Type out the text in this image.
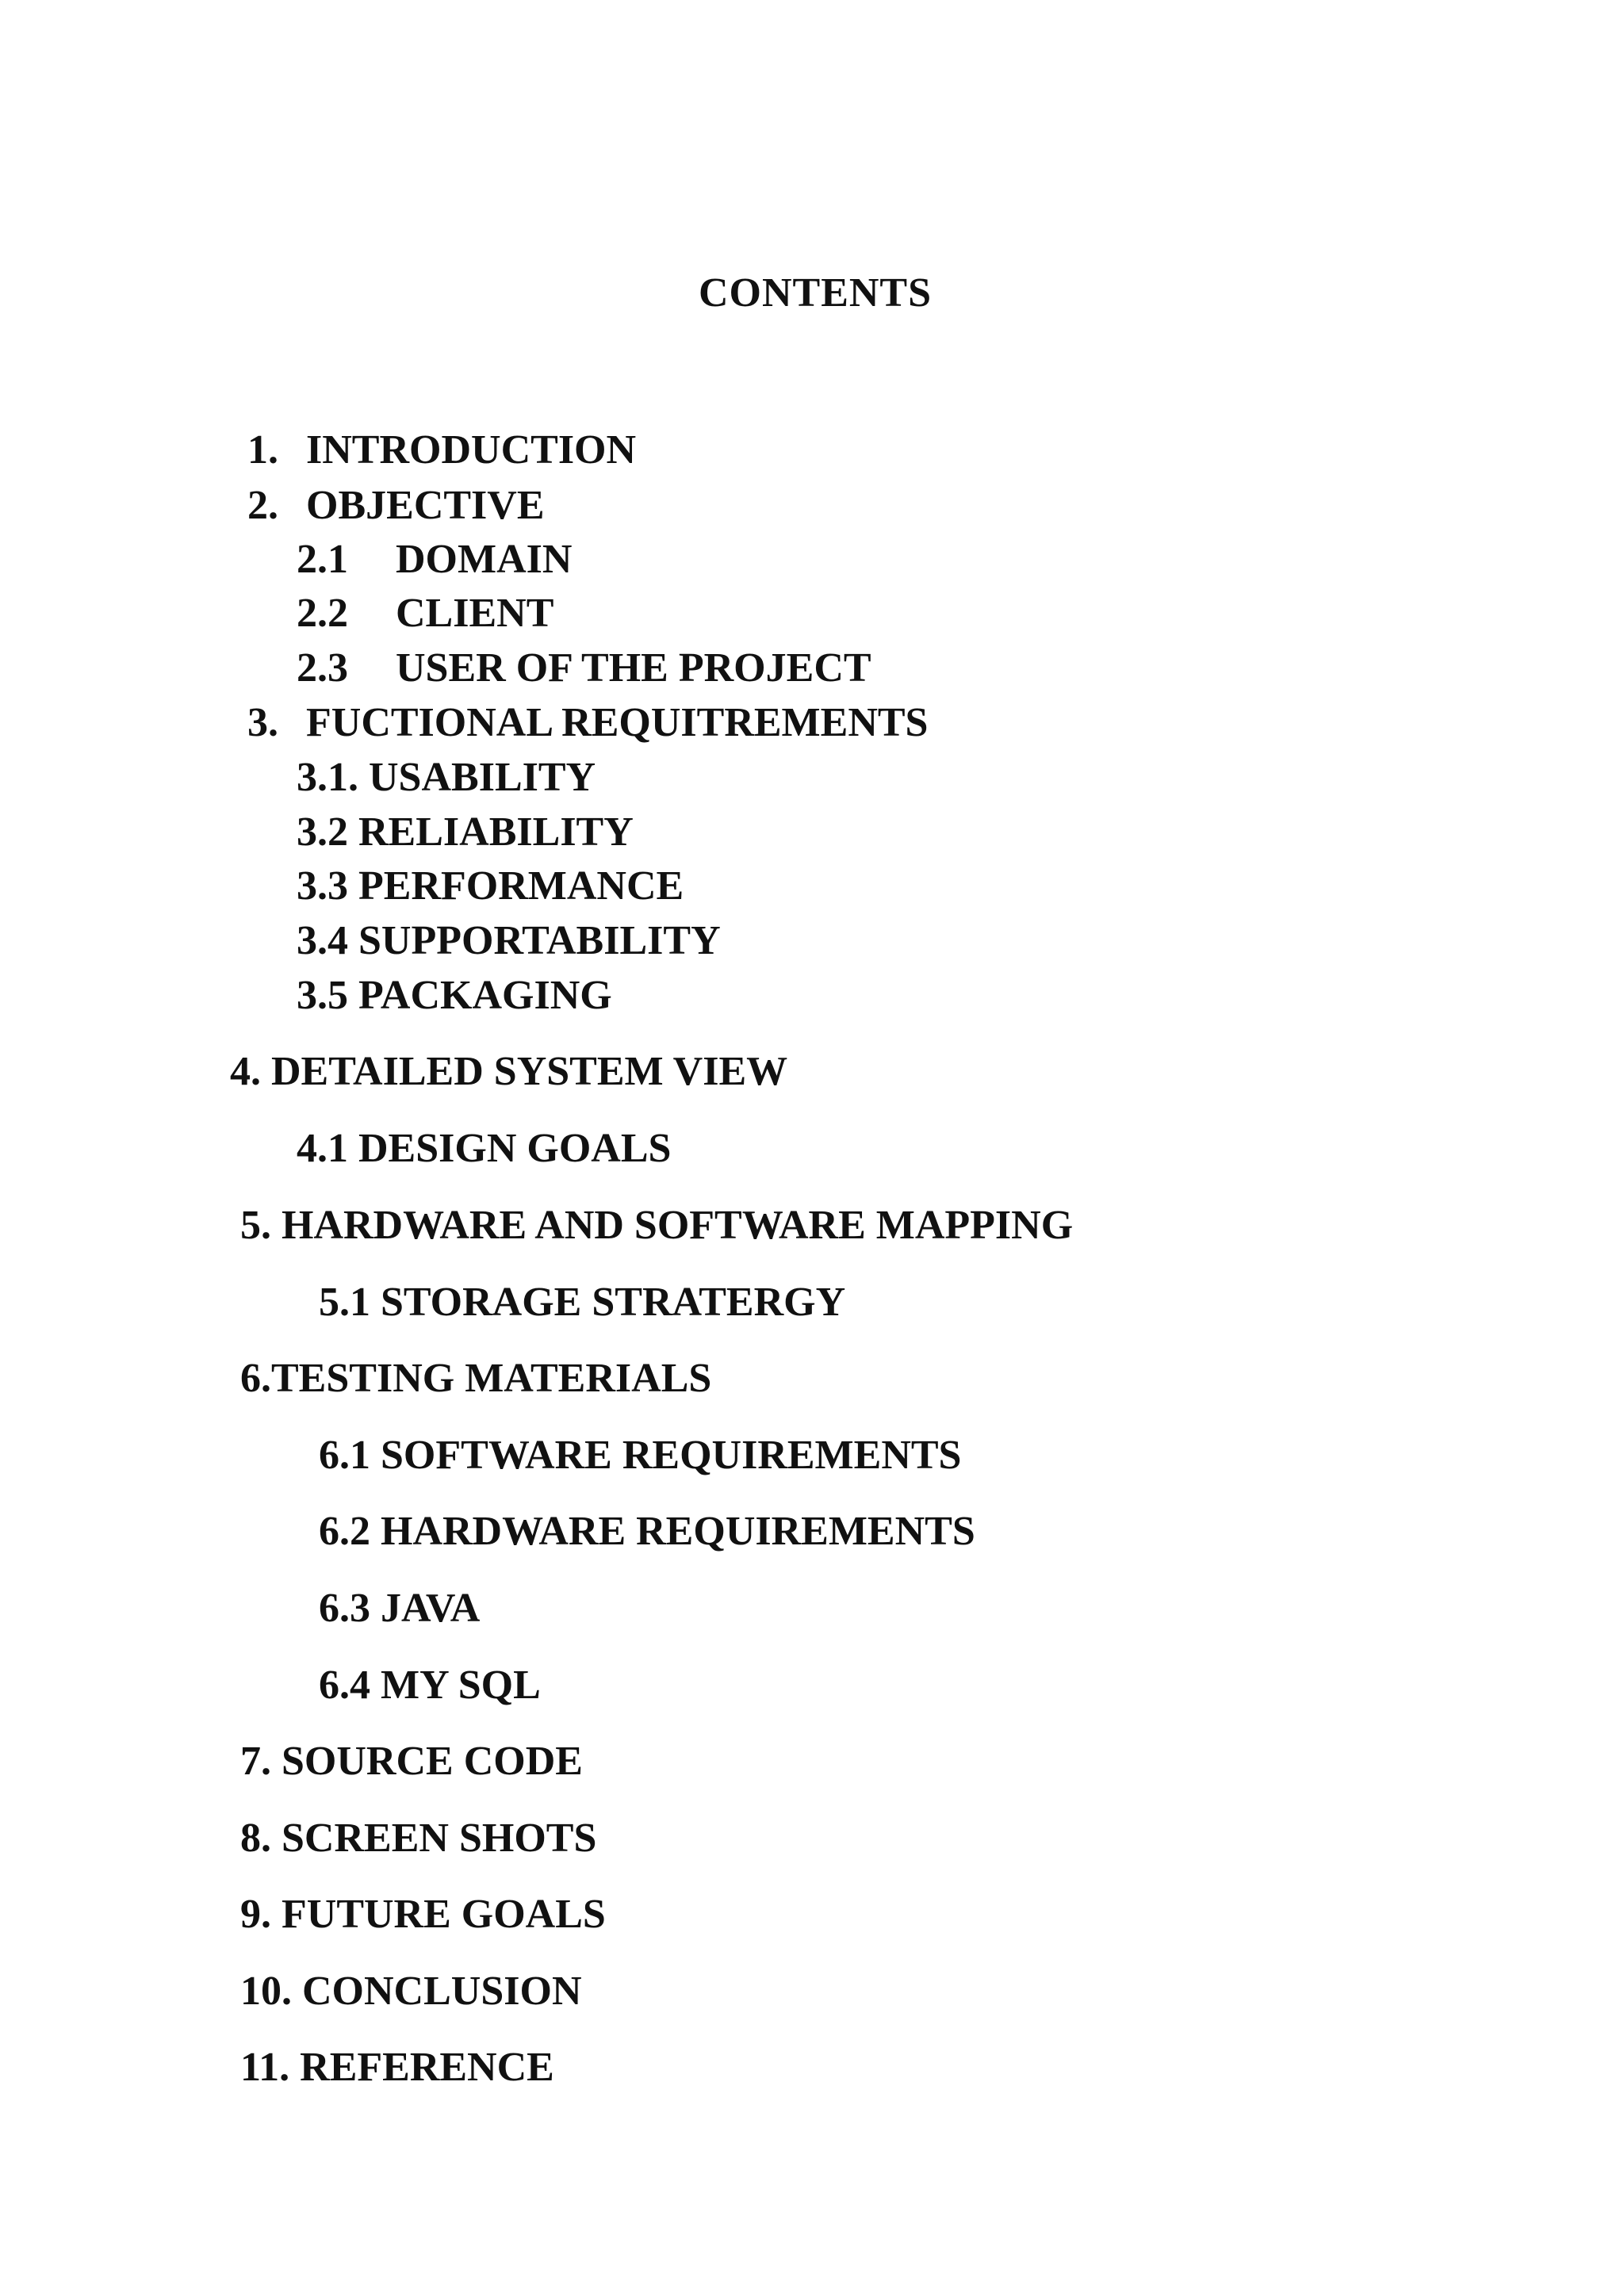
CONTENTS
1. INTRODUCTION
2. OBJECTIVE
2.1 DOMAIN
2.2 CLIENT
2.3 USER OF THE PROJECT
3. FUCTIONAL REQUITREMENTS
3.1. USABILITY
3.2 RELIABILITY
3.3 PERFORMANCE
3.4 SUPPORTABILITY
3.5 PACKAGING
4. DETAILED SYSTEM VIEW
4.1 DESIGN GOALS
5. HARDWARE AND SOFTWARE MAPPING
5.1 STORAGE STRATERGY
6.TESTING MATERIALS
6.1 SOFTWARE REQUIREMENTS
6.2 HARDWARE REQUIREMENTS
6.3 JAVA
6.4 MY SQL
7. SOURCE CODE
8. SCREEN SHOTS
9. FUTURE GOALS
10. CONCLUSION
11. REFERENCE
